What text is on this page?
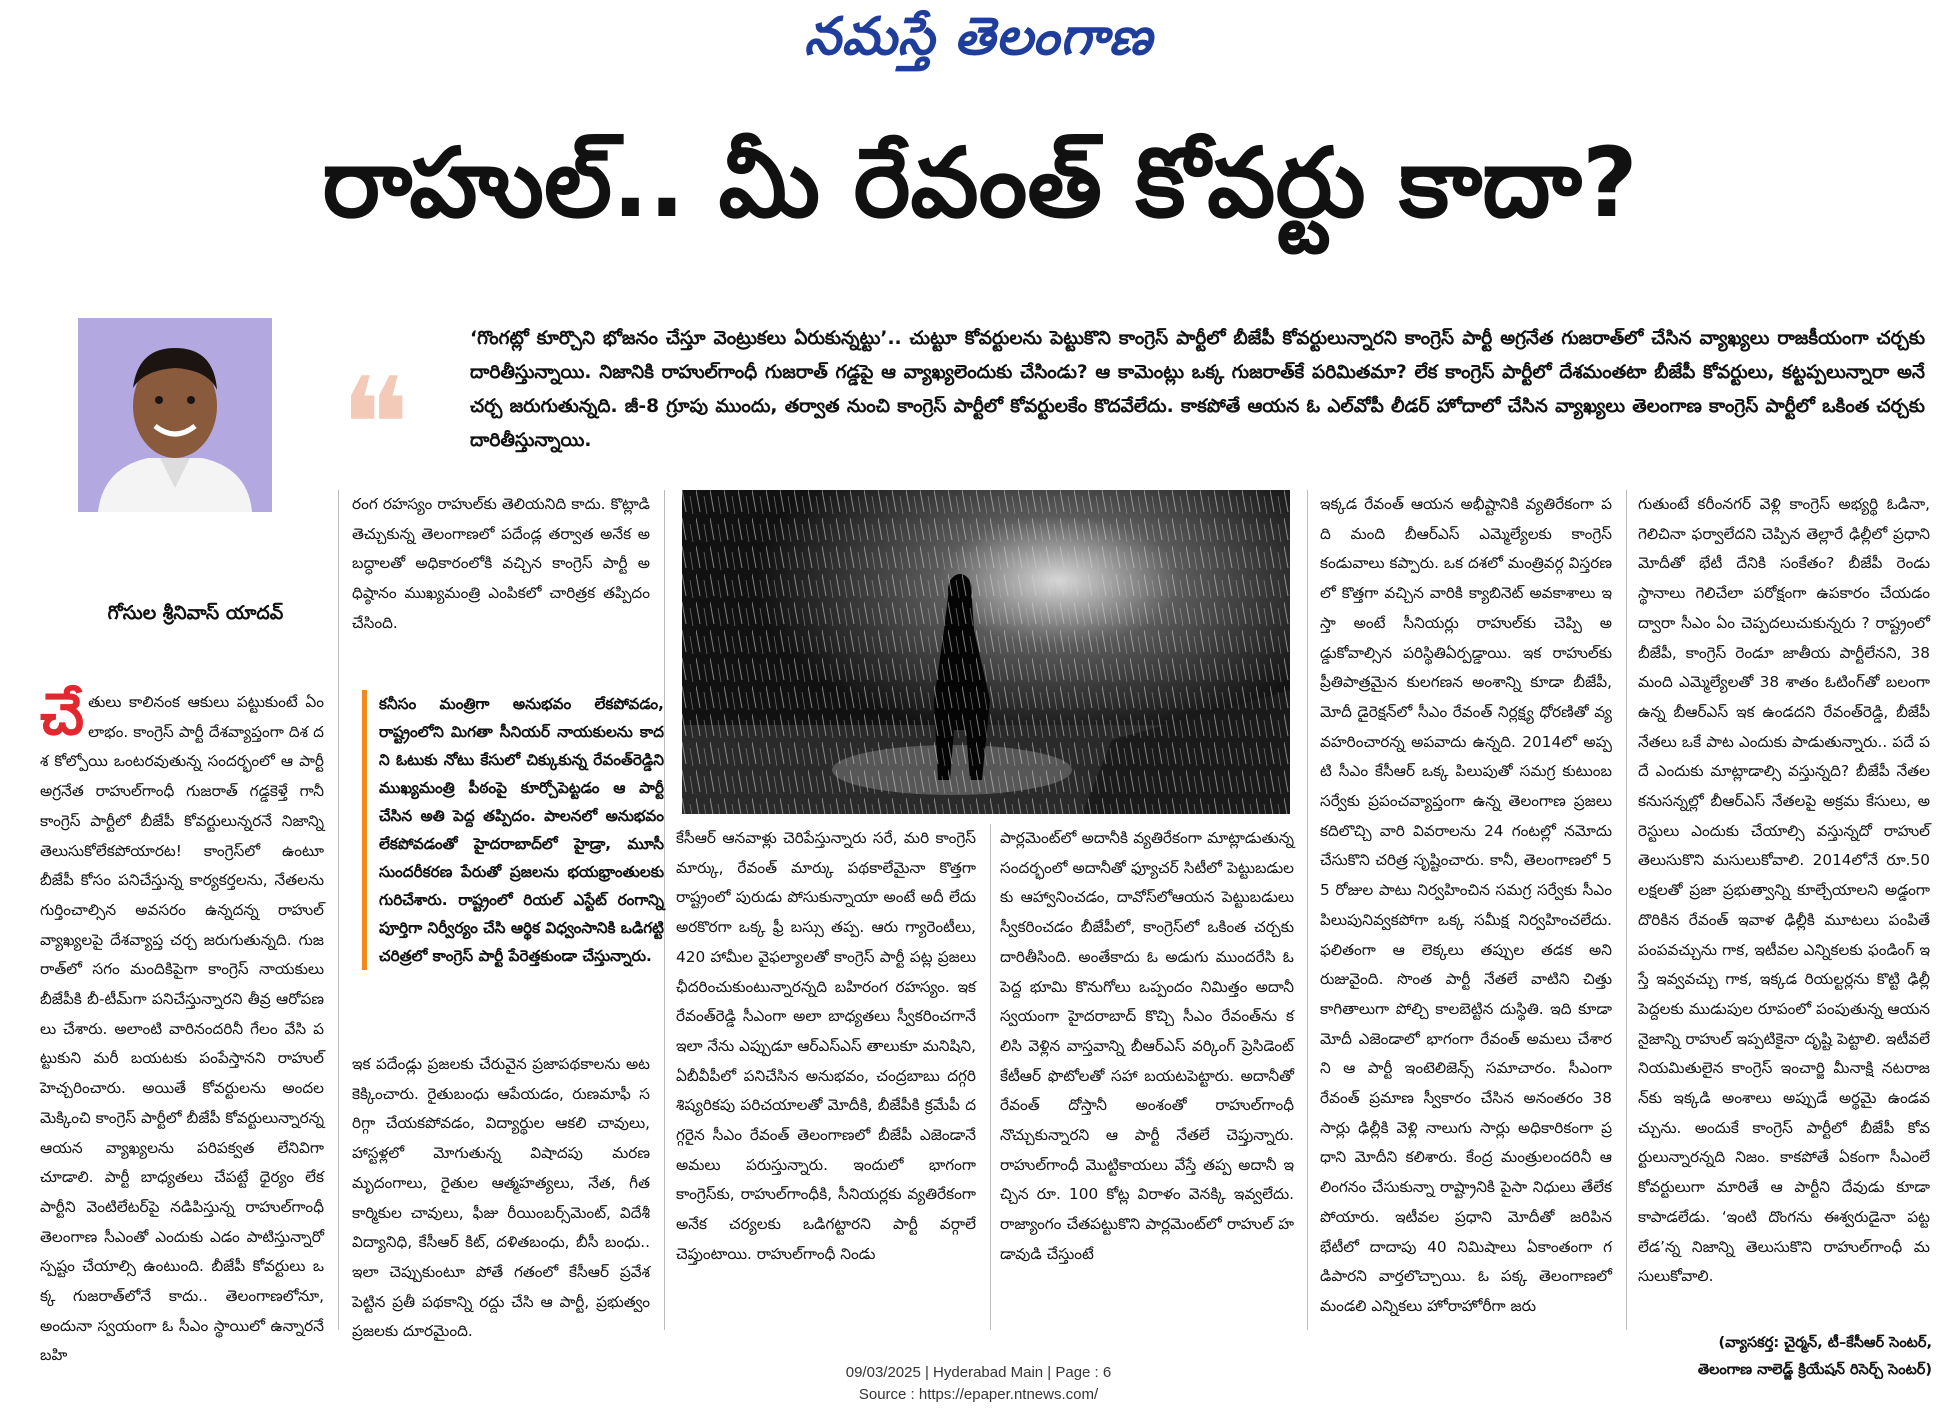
నమస్తే తెలంగాణ
రాహుల్.. మీ రేవంత్ కోవర్టు కాదా?
❝
‘గొంగట్లో కూర్చొని భోజనం చేస్తూ వెంట్రుకలు ఏరుకున్నట్టు’.. చుట్టూ కోవర్టులను పెట్టుకొని కాంగ్రెస్ పార్టీలో బీజేపీ కోవర్టులున్నారని కాంగ్రెస్ పార్టీ అగ్రనేత గుజరాత్‌లో చేసిన వ్యాఖ్యలు రాజకీయంగా చర్చకు దారితీస్తున్నాయి. నిజానికి రాహుల్‌గాంధీ గుజరాత్ గడ్డపై ఆ వ్యాఖ్యలెందుకు చేసిండు? ఆ కామెంట్లు ఒక్క గుజరాత్‌కే పరిమితమా? లేక కాంగ్రెస్ పార్టీలో దేశమంతటా బీజేపీ కోవర్టులు, కట్టప్పలున్నారా అనే చర్చ జరుగుతున్నది. జీ-8 గ్రూపు ముందు, తర్వాత నుంచి కాంగ్రెస్ పార్టీలో కోవర్టులకేం కొదవేలేదు. కాకపోతే ఆయన ఓ ఎల్‌వోపీ లీడర్ హోదాలో చేసిన వ్యాఖ్యలు తెలంగాణ కాంగ్రెస్ పార్టీలో ఒకింత చర్చకు దారితీస్తున్నాయి.
గోసుల శ్రీనివాస్ యాదవ్
చేతులు కాలినంక ఆకులు పట్టుకుంటే ఏం లాభం. కాంగ్రెస్ పార్టీ దేశవ్యాప్తంగా దిశ దశ కోల్పోయి ఒంటరవుతున్న సందర్భంలో ఆ పార్టీ అగ్రనేత రాహుల్‌గాంధీ గుజరాత్ గడ్డకెళ్తే గానీ కాంగ్రెస్ పార్టీలో బీజేపీ కోవర్టులున్నరనే నిజాన్ని తెలుసుకోలేకపోయారట! కాంగ్రెస్‌లో ఉంటూ బీజేపీ కోసం పనిచేస్తున్న కార్యకర్తలను, నేతలను గుర్తించాల్సిన అవసరం ఉన్నదన్న రాహుల్ వ్యాఖ్యలపై దేశవ్యాప్త చర్చ జరుగుతున్నది. గుజరాత్‌లో సగం మందికిపైగా కాంగ్రెస్ నాయకులు బీజేపీకి బీ-టీమ్‌గా పనిచేస్తున్నారని తీవ్ర ఆరోపణలు చేశారు. అలాంటి వారినందరినీ గేలం వేసి పట్టుకుని మరీ బయటకు పంపేస్తానని రాహుల్ హెచ్చరించారు. అయితే కోవర్టులను అందలమెక్కించి కాంగ్రెస్ పార్టీలో బీజేపీ కోవర్టులున్నారన్న ఆయన వ్యాఖ్యలను పరిపక్వత లేనివిగా చూడాలి. పార్టీ బాధ్యతలు చేపట్టే ధైర్యం లేక పార్టీని వెంటిలేటర్‌పై నడిపిస్తున్న రాహుల్‌గాంధీ తెలంగాణ సీఎంతో ఎందుకు ఎడం పాటిస్తున్నారో స్పష్టం చేయాల్సి ఉంటుంది. బీజేపీ కోవర్టులు ఒక్క గుజరాత్‌లోనే కాదు.. తెలంగాణలోనూ, అందునా స్వయంగా ఓ సీఎం స్థాయిలో ఉన్నారనే బహి
రంగ రహస్యం రాహుల్‌కు తెలియనిది కాదు. కొట్లాడి తెచ్చుకున్న తెలంగాణలో పదేండ్ల తర్వాత అనేక అబద్ధాలతో అధికారంలోకి వచ్చిన కాంగ్రెస్ పార్టీ అధిష్ఠానం ముఖ్యమంత్రి ఎంపికలో చారిత్రక తప్పిదం చేసింది.
కనీసం మంత్రిగా అనుభవం లేకపోవడం, రాష్ట్రంలోని మిగతా సీనియర్ నాయకులను కాదని ఓటుకు నోటు కేసులో చిక్కుకున్న రేవంత్‌రెడ్డిని ముఖ్యమంత్రి పీఠంపై కూర్చోపెట్టడం ఆ పార్టీ చేసిన అతి పెద్ద తప్పిదం. పాలనలో అనుభవం లేకపోవడంతో హైదరాబాద్‌లో హైడ్రా, మూసీ సుందరీకరణ పేరుతో ప్రజలను భయభ్రాంతులకు గురిచేశారు. రాష్ట్రంలో రియల్ ఎస్టేట్ రంగాన్ని పూర్తిగా నిర్వీర్యం చేసి ఆర్థిక విధ్వంసానికి ఒడిగట్టి చరిత్రలో కాంగ్రెస్ పార్టీ పేరెత్తకుండా చేస్తున్నారు.
ఇక పదేండ్లు ప్రజలకు చేరువైన ప్రజాపథకాలను అటకెక్కించారు. రైతుబంధు ఆపేయడం, రుణమాఫీ సరిగ్గా చేయకపోవడం, విద్యార్థుల ఆకలి చావులు, హాస్టళ్లలో మోగుతున్న విషాదపు మరణ మృదంగాలు, రైతుల ఆత్మహత్యలు, నేత, గీత కార్మికుల చావులు, ఫీజు రీయింబర్స్‌మెంట్, విదేశీ విద్యానిధి, కేసీఆర్ కిట్, దళితబంధు, బీసీ బంధు.. ఇలా చెప్పుకుంటూ పోతే గతంలో కేసీఆర్ ప్రవేశపెట్టిన ప్రతీ పథకాన్ని రద్దు చేసి ఆ పార్టీ, ప్రభుత్వం ప్రజలకు దూరమైంది.
కేసీఆర్ ఆనవాళ్లు చెరిపేస్తున్నారు సరే, మరి కాంగ్రెస్ మార్కు, రేవంత్ మార్కు పథకాలేమైనా కొత్తగా రాష్ట్రంలో పురుడు పోసుకున్నాయా అంటే అదీ లేదు అరకొరగా ఒక్క ఫ్రీ బస్సు తప్ప. ఆరు గ్యారెంటీలు, 420 హామీల వైఫల్యాలతో కాంగ్రెస్ పార్టీ పట్ల ప్రజలు ఛీదరించుకుంటున్నారన్నది బహిరంగ రహస్యం. ఇక రేవంత్‌రెడ్డి సీఎంగా అలా బాధ్యతలు స్వీకరించగానే ఇలా నేను ఎప్పుడూ ఆర్ఎస్ఎస్ తాలుకూ మనిషిని, ఏబీవీపీలో పనిచేసిన అనుభవం, చంద్రబాబు దగ్గరి శిష్యరికపు పరిచయాలతో మోదీకి, బీజేపీకి క్రమేపీ దగ్గరైన సీఎం రేవంత్ తెలంగాణలో బీజేపీ ఎజెండానే అమలు పరుస్తున్నారు. ఇందులో భాగంగా కాంగ్రెస్‌కు, రాహుల్‌గాంధీకి, సీనియర్లకు వ్యతిరేకంగా అనేక చర్యలకు ఒడిగట్టారని పార్టీ వర్గాలే చెప్తుంటాయి. రాహుల్‌గాంధీ నిండు
పార్లమెంట్‌లో అదానీకి వ్యతిరేకంగా మాట్లాడుతున్న సందర్భంలో అదానీతో ఫ్యూచర్ సిటీలో పెట్టుబడులకు ఆహ్వానించడం, దావోస్‌లోఆయన పెట్టుబడులు స్వీకరించడం బీజేపీలో, కాంగ్రెస్‌లో ఒకింత చర్చకు దారితీసింది. అంతేకాదు ఓ అడుగు ముందరేసి ఓ పెద్ద భూమి కొనుగోలు ఒప్పందం నిమిత్తం అదానీ స్వయంగా హైదరాబాద్ కొచ్చి సీఎం రేవంత్‌ను కలిసి వెళ్లిన వాస్తవాన్ని బీఆర్ఎస్ వర్కింగ్ ప్రెసిడెంట్ కేటీఆర్ ఫొటోలతో సహా బయటపెట్టారు. అదానీతో రేవంత్ దోస్తానీ అంశంతో రాహుల్‌గాంధీ నొచ్చుకున్నారని ఆ పార్టీ నేతలే చెప్తున్నారు. రాహుల్‌గాంధీ మొట్టికాయలు వేస్తే తప్ప అదానీ ఇచ్చిన రూ. 100 కోట్ల విరాళం వెనక్కి ఇవ్వలేదు. రాజ్యాంగం చేతపట్టుకొని పార్లమెంట్‌లో రాహుల్ హడావుడి చేస్తుంటే
ఇక్కడ రేవంత్ ఆయన అభీష్టానికి వ్యతిరేకంగా పది మంది బీఆర్ఎస్ ఎమ్మెల్యేలకు కాంగ్రెస్ కండువాలు కప్పారు. ఒక దశలో మంత్రివర్గ విస్తరణలో కొత్తగా వచ్చిన వారికి క్యాబినెట్ అవకాశాలు ఇస్తా అంటే సీనియర్లు రాహుల్‌కు చెప్పి అడ్డుకోవాల్సిన పరిస్థితిఏర్పడ్డాయి. ఇక రాహుల్‌కు ప్రీతిపాత్రమైన కులగణన అంశాన్ని కూడా బీజేపీ, మోదీ డైరెక్షన్‌లో సీఎం రేవంత్ నిర్లక్ష్య ధోరణితో వ్యవహరించారన్న అపవాదు ఉన్నది. 2014లో అప్పటి సీఎం కేసీఆర్ ఒక్క పిలుపుతో సమగ్ర కుటుంబ సర్వేకు ప్రపంచవ్యాప్తంగా ఉన్న తెలంగాణ ప్రజలు కదిలొచ్చి వారి వివరాలను 24 గంటల్లో నమోదు చేసుకొని చరిత్ర సృష్టించారు. కానీ, తెలంగాణలో 55 రోజుల పాటు నిర్వహించిన సమగ్ర సర్వేకు సీఎం పిలుపునివ్వకపోగా ఒక్క సమీక్ష నిర్వహించలేదు. ఫలితంగా ఆ లెక్కలు తప్పుల తడక అని రుజువైంది. సొంత పార్టీ నేతలే వాటిని చిత్తు కాగితాలుగా పోల్చి కాలబెట్టిన దుస్థితి. ఇది కూడా మోదీ ఎజెండాలో భాగంగా రేవంత్ అమలు చేశారని ఆ పార్టీ ఇంటెలిజెన్స్ సమాచారం. సీఎంగా రేవంత్ ప్రమాణ స్వీకారం చేసిన అనంతరం 38 సార్లు ఢిల్లీకి వెళ్లి నాలుగు సార్లు అధికారికంగా ప్రధాని మోదీని కలిశారు. కేంద్ర మంత్రులందరినీ ఆలింగనం చేసుకున్నా రాష్ట్రానికి పైసా నిధులు తేలేకపోయారు. ఇటీవల ప్రధాని మోదీతో జరిపిన భేటీలో దాదాపు 40 నిమిషాలు ఏకాంతంగా గడిపారని వార్తలొచ్చాయి. ఓ పక్క తెలంగాణలో మండలి ఎన్నికలు హోరాహోరీగా జరు
గుతుంటే కరీంనగర్ వెళ్లి కాంగ్రెస్ అభ్యర్థి ఓడినా, గెలిచినా ఫర్వాలేదని చెప్పిన తెల్లారే ఢిల్లీలో ప్రధాని మోదీతో భేటీ దేనికి సంకేతం? బీజేపీ రెండు స్థానాలు గెలిచేలా పరోక్షంగా ఉపకారం చేయడం ద్వారా సీఎం ఏం చెప్పదలుచుకున్నరు ? రాష్ట్రంలో బీజేపీ, కాంగ్రెస్ రెండూ జాతీయ పార్టీలేనని, 38 మంది ఎమ్మెల్యేలతో 38 శాతం ఓటింగ్‌తో బలంగా ఉన్న బీఆర్ఎస్ ఇక ఉండదని రేవంత్‌రెడ్డి, బీజేపీ నేతలు ఒకే పాట ఎందుకు పాడుతున్నారు.. పదే పదే ఎందుకు మాట్లాడాల్సి వస్తున్నది? బీజేపీ నేతల కనుసన్నల్లో బీఆర్ఎస్ నేతలపై అక్రమ కేసులు, అరెస్టులు ఎందుకు చేయాల్సి వస్తున్నదో రాహుల్ తెలుసుకొని మసులుకోవాలి. 2014లోనే రూ.50 లక్షలతో ప్రజా ప్రభుత్వాన్ని కూల్చేయాలని అడ్డంగా దొరికిన రేవంత్ ఇవాళ ఢిల్లీకి మూటలు పంపితే పంపవచ్చును గాక, ఇటీవల ఎన్నికలకు ఫండింగ్ ఇస్తే ఇవ్వవచ్చు గాక, ఇక్కడ రియల్టర్లను కొట్టి ఢిల్లీ పెద్దలకు ముడుపుల రూపంలో పంపుతున్న ఆయన నైజాన్ని రాహుల్ ఇప్పటికైనా దృష్టి పెట్టాలి. ఇటీవలే నియమితులైన కాంగ్రెస్ ఇంచార్జి మీనాక్షి నటరాజన్‌కు ఇక్కడి అంశాలు అప్పుడే అర్థమై ఉండవచ్చును. అందుకే కాంగ్రెస్ పార్టీలో బీజేపీ కోవర్టులున్నారన్నది నిజం. కాకపోతే ఏకంగా సీఎంలే కోవర్టులుగా మారితే ఆ పార్టీని దేవుడు కూడా కాపాడలేడు. ‘ఇంటి దొంగను ఈశ్వరుడైనా పట్టలేడ’న్న నిజాన్ని తెలుసుకొని రాహుల్‌గాంధీ మసులుకోవాలి.
(వ్యాసకర్త: చైర్మన్, టీ–కేసీఆర్ సెంటర్,
తెలంగాణ నాలెడ్జ్ క్రియేషన్ రిసెర్చ్ సెంటర్)
09/03/2025 | Hyderabad Main | Page : 6
Source : https://epaper.ntnews.com/
